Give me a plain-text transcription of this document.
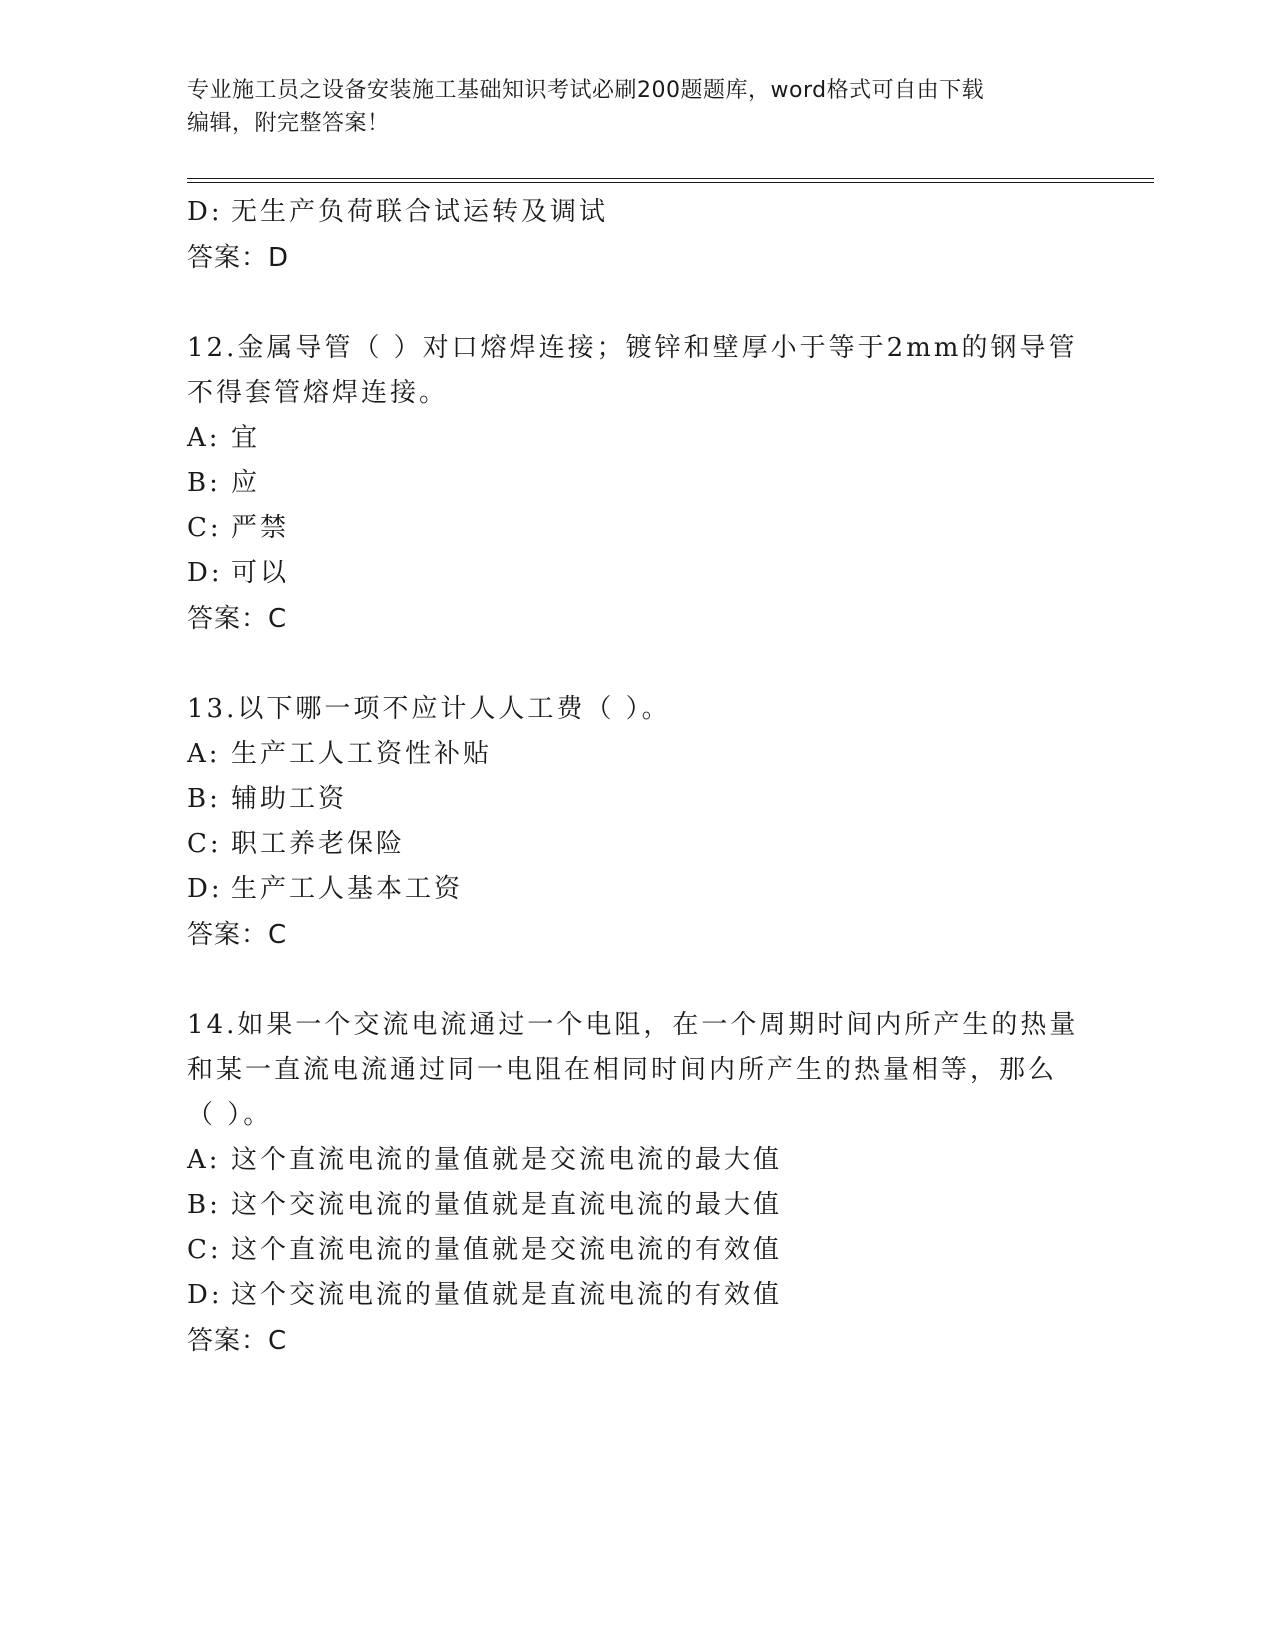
专业施工员之设备安装施工基础知识考试必刷200题题库，word格式可自由下载
编辑，附完整答案！
D: 无生产负荷联合试运转及调试
答案：D
12.金属导管（ ）对口熔焊连接；镀锌和壁厚小于等于2mm的钢导管
不得套管熔焊连接。
A: 宜
B: 应
C: 严禁
D: 可以
答案：C
13.以下哪一项不应计人人工费（ ）。
A: 生产工人工资性补贴
B: 辅助工资
C: 职工养老保险
D: 生产工人基本工资
答案：C
14.如果一个交流电流通过一个电阻，在一个周期时间内所产生的热量
和某一直流电流通过同一电阻在相同时间内所产生的热量相等，那么
（ ）。
A: 这个直流电流的量值就是交流电流的最大值
B: 这个交流电流的量值就是直流电流的最大值
C: 这个直流电流的量值就是交流电流的有效值
D: 这个交流电流的量值就是直流电流的有效值
答案：C
